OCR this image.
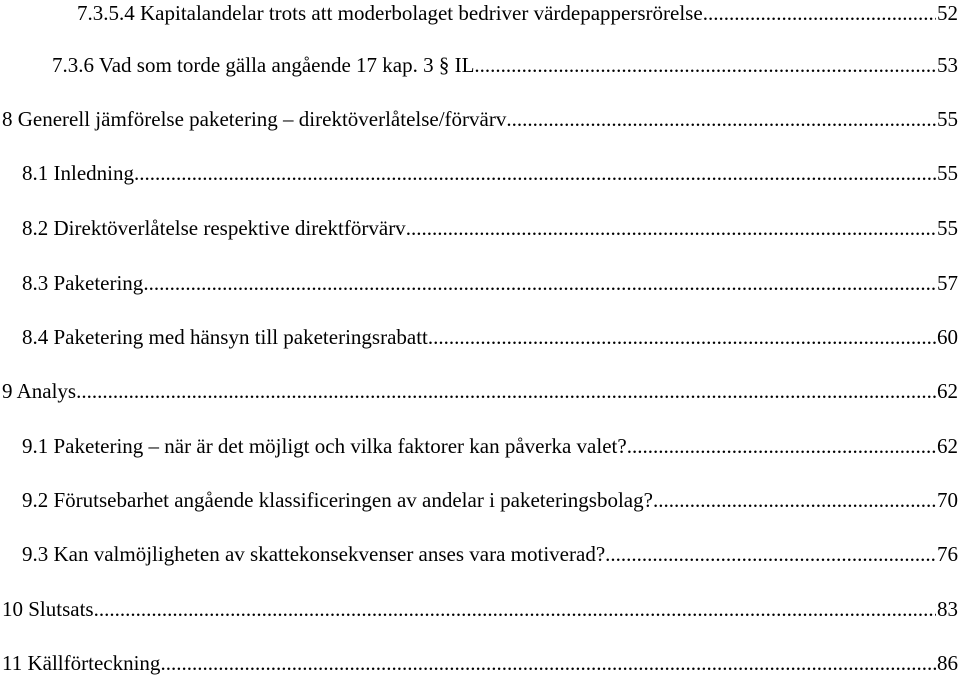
7.3.5.4 Kapitalandelar trots att moderbolaget bedriver värdepappersrörelse .....	52
7.3.6 Vad som torde gälla angående 17 kap. 3 § IL .....	53
8 Generell jämförelse paketering – direktöverlåtelse/förvärv .....	55
8.1 Inledning .....	55
8.2 Direktöverlåtelse respektive direktförvärv .....	55
8.3 Paketering .....	57
8.4 Paketering med hänsyn till paketeringsrabatt .....	60
9 Analys .....	62
9.1 Paketering – när är det möjligt och vilka faktorer kan påverka valet? .....	62
9.2 Förutsebarhet angående klassificeringen av andelar i paketeringsbolag? .....	70
9.3 Kan valmöjligheten av skattekonsekvenser anses vara motiverad? .....	76
10 Slutsats .....	83
11 Källförteckning .....	86
